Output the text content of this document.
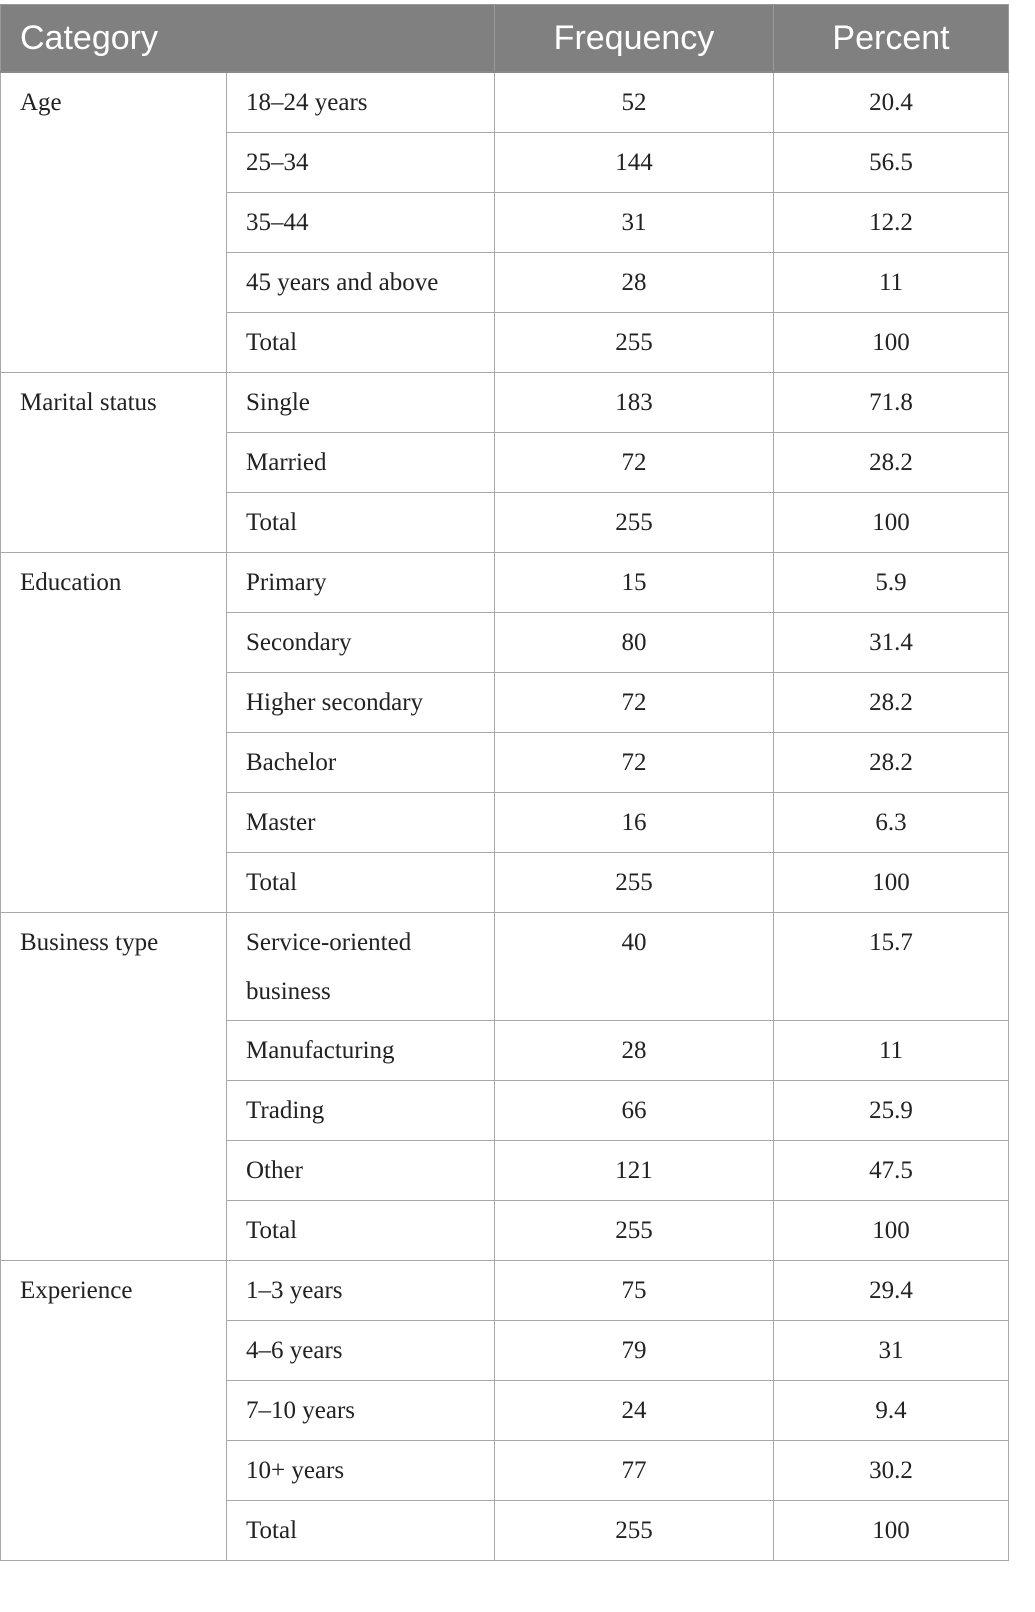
Category		Frequency	Percent
Age	18–24 years	52	20.4
	25–34	144	56.5
	35–44	31	12.2
	45 years and above	28	11
	Total	255	100
Marital status	Single	183	71.8
	Married	72	28.2
	Total	255	100
Education	Primary	15	5.9
	Secondary	80	31.4
	Higher secondary	72	28.2
	Bachelor	72	28.2
	Master	16	6.3
	Total	255	100
Business type	Service-oriented business	40	15.7
	Manufacturing	28	11
	Trading	66	25.9
	Other	121	47.5
	Total	255	100
Experience	1–3 years	75	29.4
	4–6 years	79	31
	7–10 years	24	9.4
	10+ years	77	30.2
	Total	255	100
